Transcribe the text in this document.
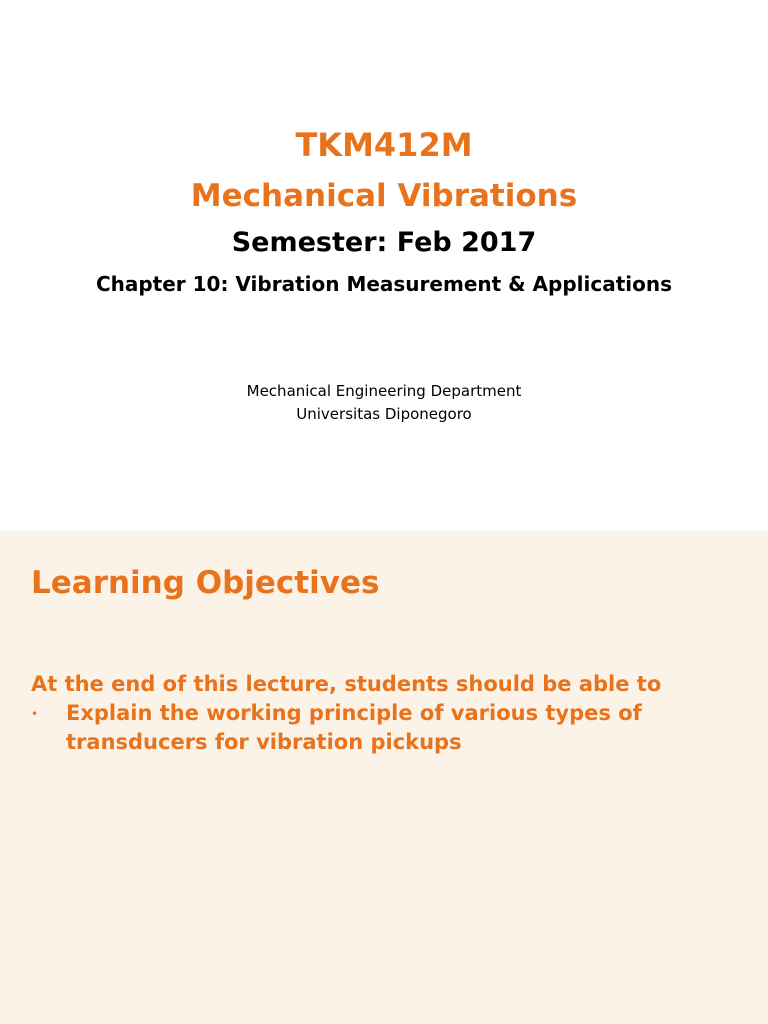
TKM412M
Mechanical Vibrations
Semester: Feb 2017
Chapter 10: Vibration Measurement & Applications
Mechanical Engineering Department
Universitas Diponegoro
Learning Objectives
At the end of this lecture, students should be able to
• Explain the working principle of various types of transducers for vibration pickups
